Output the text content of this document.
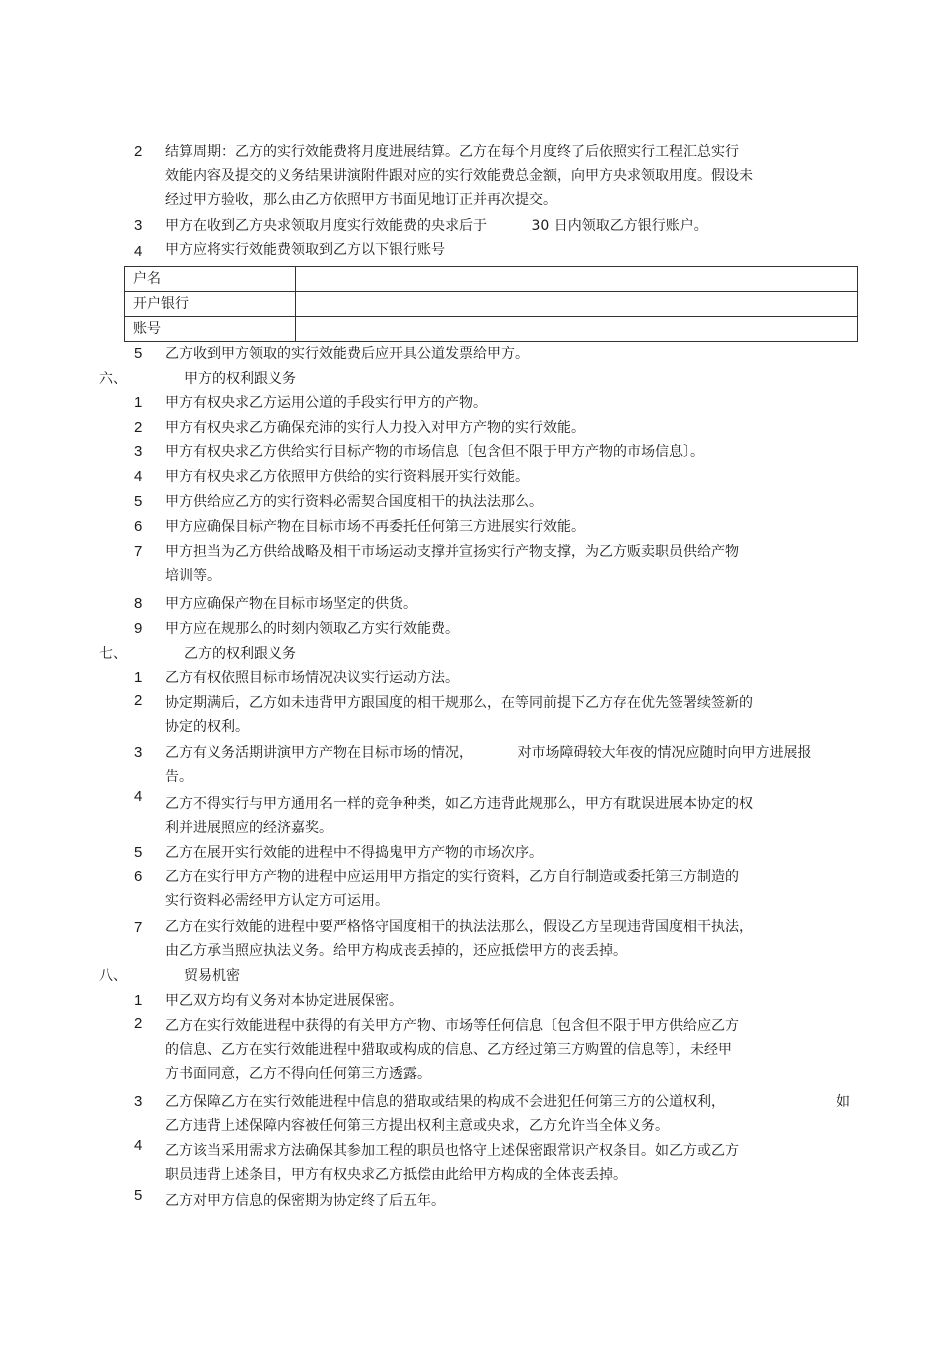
2 结算周期：乙方的实行效能费将月度进展结算。乙方在每个月度终了后依照实行工程汇总实行
效能内容及提交的义务结果讲演附件跟对应的实行效能费总金额，向甲方央求领取用度。假设未
经过甲方验收，那么由乙方依照甲方书面见地订正并再次提交。
3 甲方在收到乙方央求领取月度实行效能费的央求后于          30 日内领取乙方银行账户。
4 甲方应将实行效能费领取到乙方以下银行账号
户名	
开户银行	
账号	
5 乙方收到甲方领取的实行效能费后应开具公道发票给甲方。
六、	甲方的权利跟义务
1 甲方有权央求乙方运用公道的手段实行甲方的产物。
2 甲方有权央求乙方确保充沛的实行人力投入对甲方产物的实行效能。
3 甲方有权央求乙方供给实行目标产物的市场信息〔包含但不限于甲方产物的市场信息〕。
4 甲方有权央求乙方依照甲方供给的实行资料展开实行效能。
5 甲方供给应乙方的实行资料必需契合国度相干的执法法那么。
6 甲方应确保目标产物在目标市场不再委托任何第三方进展实行效能。
7 甲方担当为乙方供给战略及相干市场运动支撑并宣扬实行产物支撑，为乙方贩卖职员供给产物
培训等。
8 甲方应确保产物在目标市场坚定的供货。
9 甲方应在规那么的时刻内领取乙方实行效能费。
七、	乙方的权利跟义务
1 乙方有权依照目标市场情况决议实行运动方法。
2 协定期满后，乙方如未违背甲方跟国度的相干规那么，在等同前提下乙方存在优先签署续签新的
协定的权利。
3 乙方有义务活期讲演甲方产物在目标市场的情况，          对市场障碍较大年夜的情况应随时向甲方进展报
告。
4 乙方不得实行与甲方通用名一样的竞争种类，如乙方违背此规那么，甲方有耽误进展本协定的权
利并进展照应的经济嘉奖。
5 乙方在展开实行效能的进程中不得捣鬼甲方产物的市场次序。
6 乙方在实行甲方产物的进程中应运用甲方指定的实行资料，乙方自行制造或委托第三方制造的
实行资料必需经甲方认定方可运用。
7 乙方在实行效能的进程中要严格恪守国度相干的执法法那么，假设乙方呈现违背国度相干执法，
由乙方承当照应执法义务。给甲方构成丧丢掉的，还应抵偿甲方的丧丢掉。
八、	贸易机密
1 甲乙双方均有义务对本协定进展保密。
2 乙方在实行效能进程中获得的有关甲方产物、市场等任何信息〔包含但不限于甲方供给应乙方
的信息、乙方在实行效能进程中猎取或构成的信息、乙方经过第三方购置的信息等〕，未经甲
方书面同意，乙方不得向任何第三方透露。
3 乙方保障乙方在实行效能进程中信息的猎取或结果的构成不会进犯任何第三方的公道权利，	如
乙方违背上述保障内容被任何第三方提出权利主意或央求，乙方允许当全体义务。
4 乙方该当采用需求方法确保其参加工程的职员也恪守上述保密跟常识产权条目。如乙方或乙方
职员违背上述条目，甲方有权央求乙方抵偿由此给甲方构成的全体丧丢掉。
5 乙方对甲方信息的保密期为协定终了后五年。
